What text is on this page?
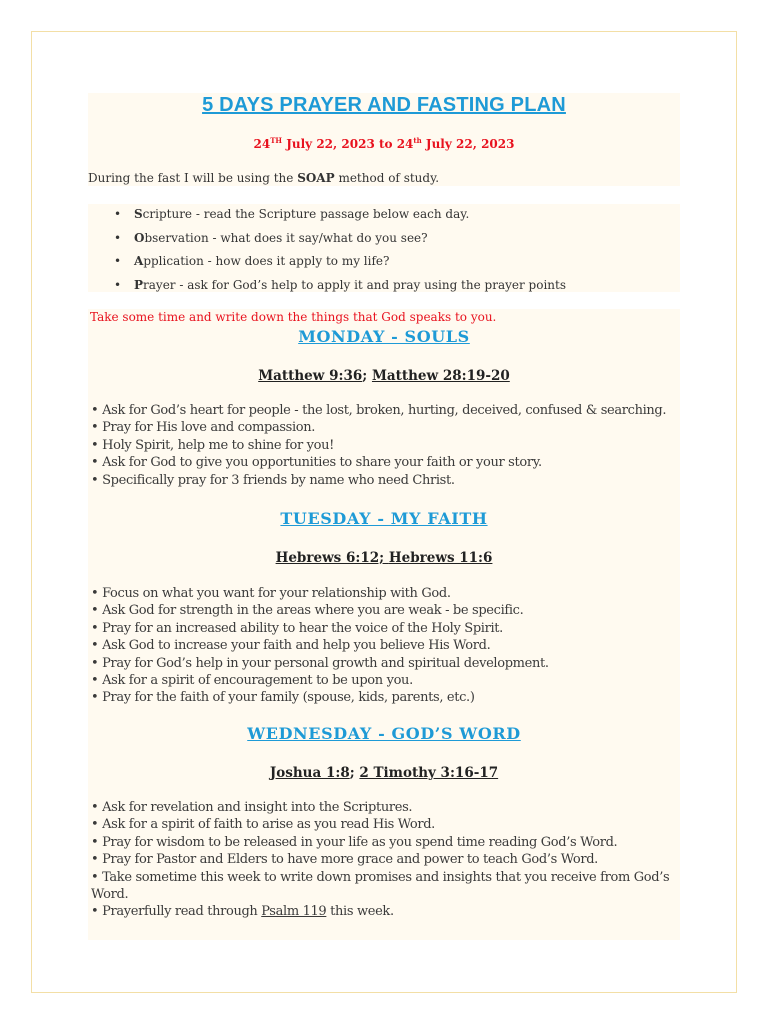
5 DAYS PRAYER AND FASTING PLAN
24TH July 22, 2023 to 24th July 22, 2023
During the fast I will be using the SOAP method of study.
• Scripture - read the Scripture passage below each day.
• Observation - what does it say/what do you see?
• Application - how does it apply to my life?
• Prayer - ask for God’s help to apply it and pray using the prayer points
Take some time and write down the things that God speaks to you.
MONDAY - SOULS
Matthew 9:36; Matthew 28:19-20
• Ask for God’s heart for people - the lost, broken, hurting, deceived, confused & searching.
• Pray for His love and compassion.
• Holy Spirit, help me to shine for you!
• Ask for God to give you opportunities to share your faith or your story.
• Specifically pray for 3 friends by name who need Christ.
TUESDAY - MY FAITH
Hebrews 6:12; Hebrews 11:6
• Focus on what you want for your relationship with God.
• Ask God for strength in the areas where you are weak - be specific.
• Pray for an increased ability to hear the voice of the Holy Spirit.
• Ask God to increase your faith and help you believe His Word.
• Pray for God’s help in your personal growth and spiritual development.
• Ask for a spirit of encouragement to be upon you.
• Pray for the faith of your family (spouse, kids, parents, etc.)
WEDNESDAY - GOD’S WORD
Joshua 1:8; 2 Timothy 3:16-17
• Ask for revelation and insight into the Scriptures.
• Ask for a spirit of faith to arise as you read His Word.
• Pray for wisdom to be released in your life as you spend time reading God’s Word.
• Pray for Pastor and Elders to have more grace and power to teach God’s Word.
• Take sometime this week to write down promises and insights that you receive from God’s Word.
• Prayerfully read through Psalm 119 this week.
